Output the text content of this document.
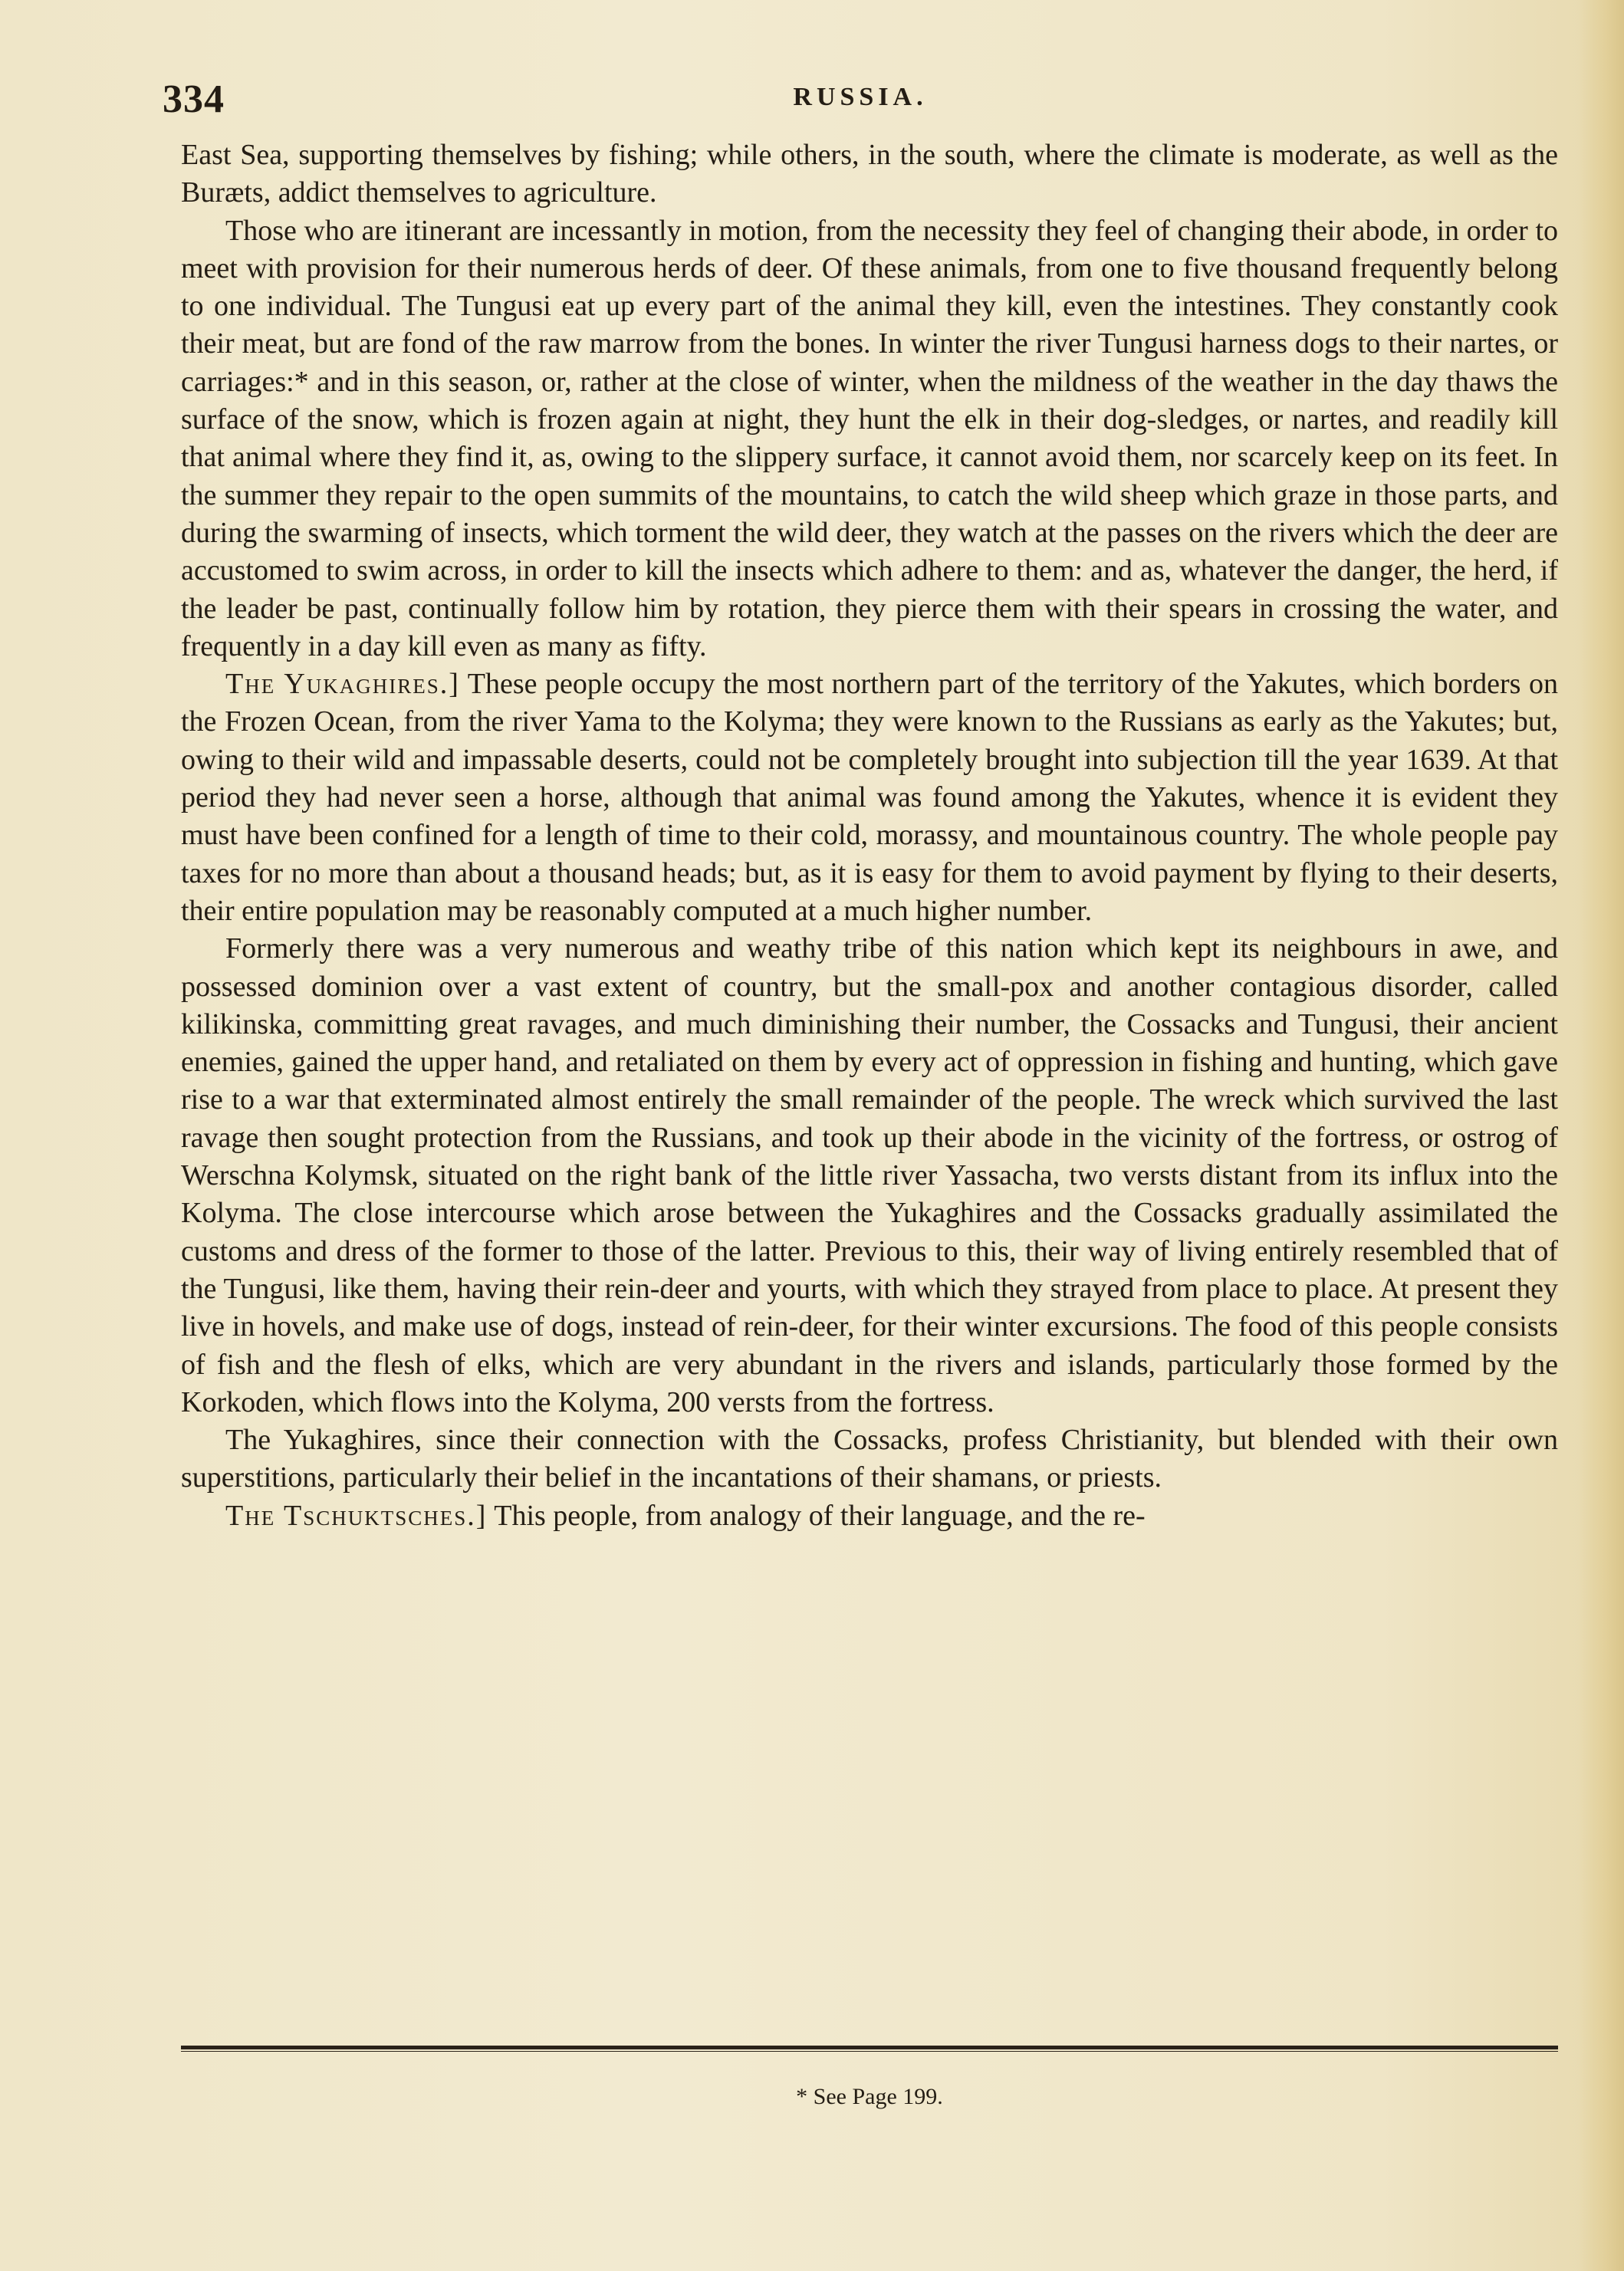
334	RUSSIA.

East Sea, supporting themselves by fishing; while others, in the south, where the climate is moderate, as well as the Buræts, addict themselves to agriculture.

Those who are itinerant are incessantly in motion, from the necessity they feel of changing their abode, in order to meet with provision for their numerous herds of deer. Of these animals, from one to five thousand frequently belong to one individual. The Tungusi eat up every part of the animal they kill, even the intestines. They constantly cook their meat, but are fond of the raw marrow from the bones. In winter the river Tungusi harness dogs to their nartes, or carriages:* and in this season, or, rather at the close of winter, when the mildness of the weather in the day thaws the surface of the snow, which is frozen again at night, they hunt the elk in their dog-sledges, or nartes, and readily kill that animal where they find it, as, owing to the slippery surface, it cannot avoid them, nor scarcely keep on its feet. In the summer they repair to the open summits of the mountains, to catch the wild sheep which graze in those parts, and during the swarming of insects, which torment the wild deer, they watch at the passes on the rivers which the deer are accustomed to swim across, in order to kill the insects which adhere to them: and as, whatever the danger, the herd, if the leader be past, continually follow him by rotation, they pierce them with their spears in crossing the water, and frequently in a day kill even as many as fifty.

The Yukaghires.] These people occupy the most northern part of the territory of the Yakutes, which borders on the Frozen Ocean, from the river Yama to the Kolyma; they were known to the Russians as early as the Yakutes; but, owing to their wild and impassable deserts, could not be completely brought into subjection till the year 1639. At that period they had never seen a horse, although that animal was found among the Yakutes, whence it is evident they must have been confined for a length of time to their cold, morassy, and mountainous country. The whole people pay taxes for no more than about a thousand heads; but, as it is easy for them to avoid payment by flying to their deserts, their entire population may be reasonably computed at a much higher number.

Formerly there was a very numerous and weathy tribe of this nation which kept its neighbours in awe, and possessed dominion over a vast extent of country, but the small-pox and another contagious disorder, called kilikinska, committing great ravages, and much diminishing their number, the Cossacks and Tungusi, their ancient enemies, gained the upper hand, and retaliated on them by every act of oppression in fishing and hunting, which gave rise to a war that exterminated almost entirely the small remainder of the people. The wreck which survived the last ravage then sought protection from the Russians, and took up their abode in the vicinity of the fortress, or ostrog of Werschna Kolymsk, situated on the right bank of the little river Yassacha, two versts distant from its influx into the Kolyma. The close intercourse which arose between the Yukaghires and the Cossacks gradually assimilated the customs and dress of the former to those of the latter. Previous to this, their way of living entirely resembled that of the Tungusi, like them, having their rein-deer and yourts, with which they strayed from place to place. At present they live in hovels, and make use of dogs, instead of rein-deer, for their winter excursions. The food of this people consists of fish and the flesh of elks, which are very abundant in the rivers and islands, particularly those formed by the Korkoden, which flows into the Kolyma, 200 versts from the fortress.

The Yukaghires, since their connection with the Cossacks, profess Christianity, but blended with their own superstitions, particularly their belief in the incantations of their shamans, or priests.

The Tschuktsches.] This people, from analogy of their language, and the re-

* See Page 199.
